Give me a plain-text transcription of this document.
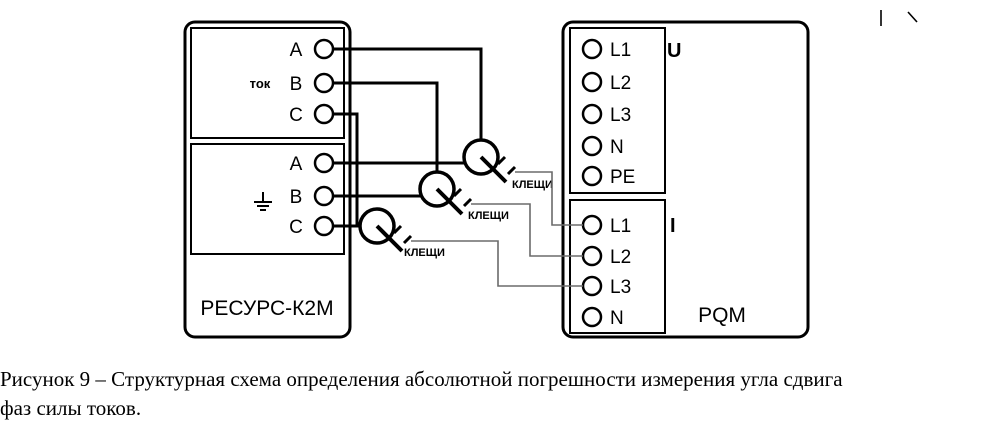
A
B
C
ток
A
B
C
РЕСУРС-К2М
L1
L2
L3
N
PE
U
L1
L2
L3
N
I
PQM
КЛЕЩИ
КЛЕЩИ
КЛЕЩИ
Рисунок 9 – Структурная схема определения абсолютной погрешности измерения угла сдвига
фаз силы токов.
